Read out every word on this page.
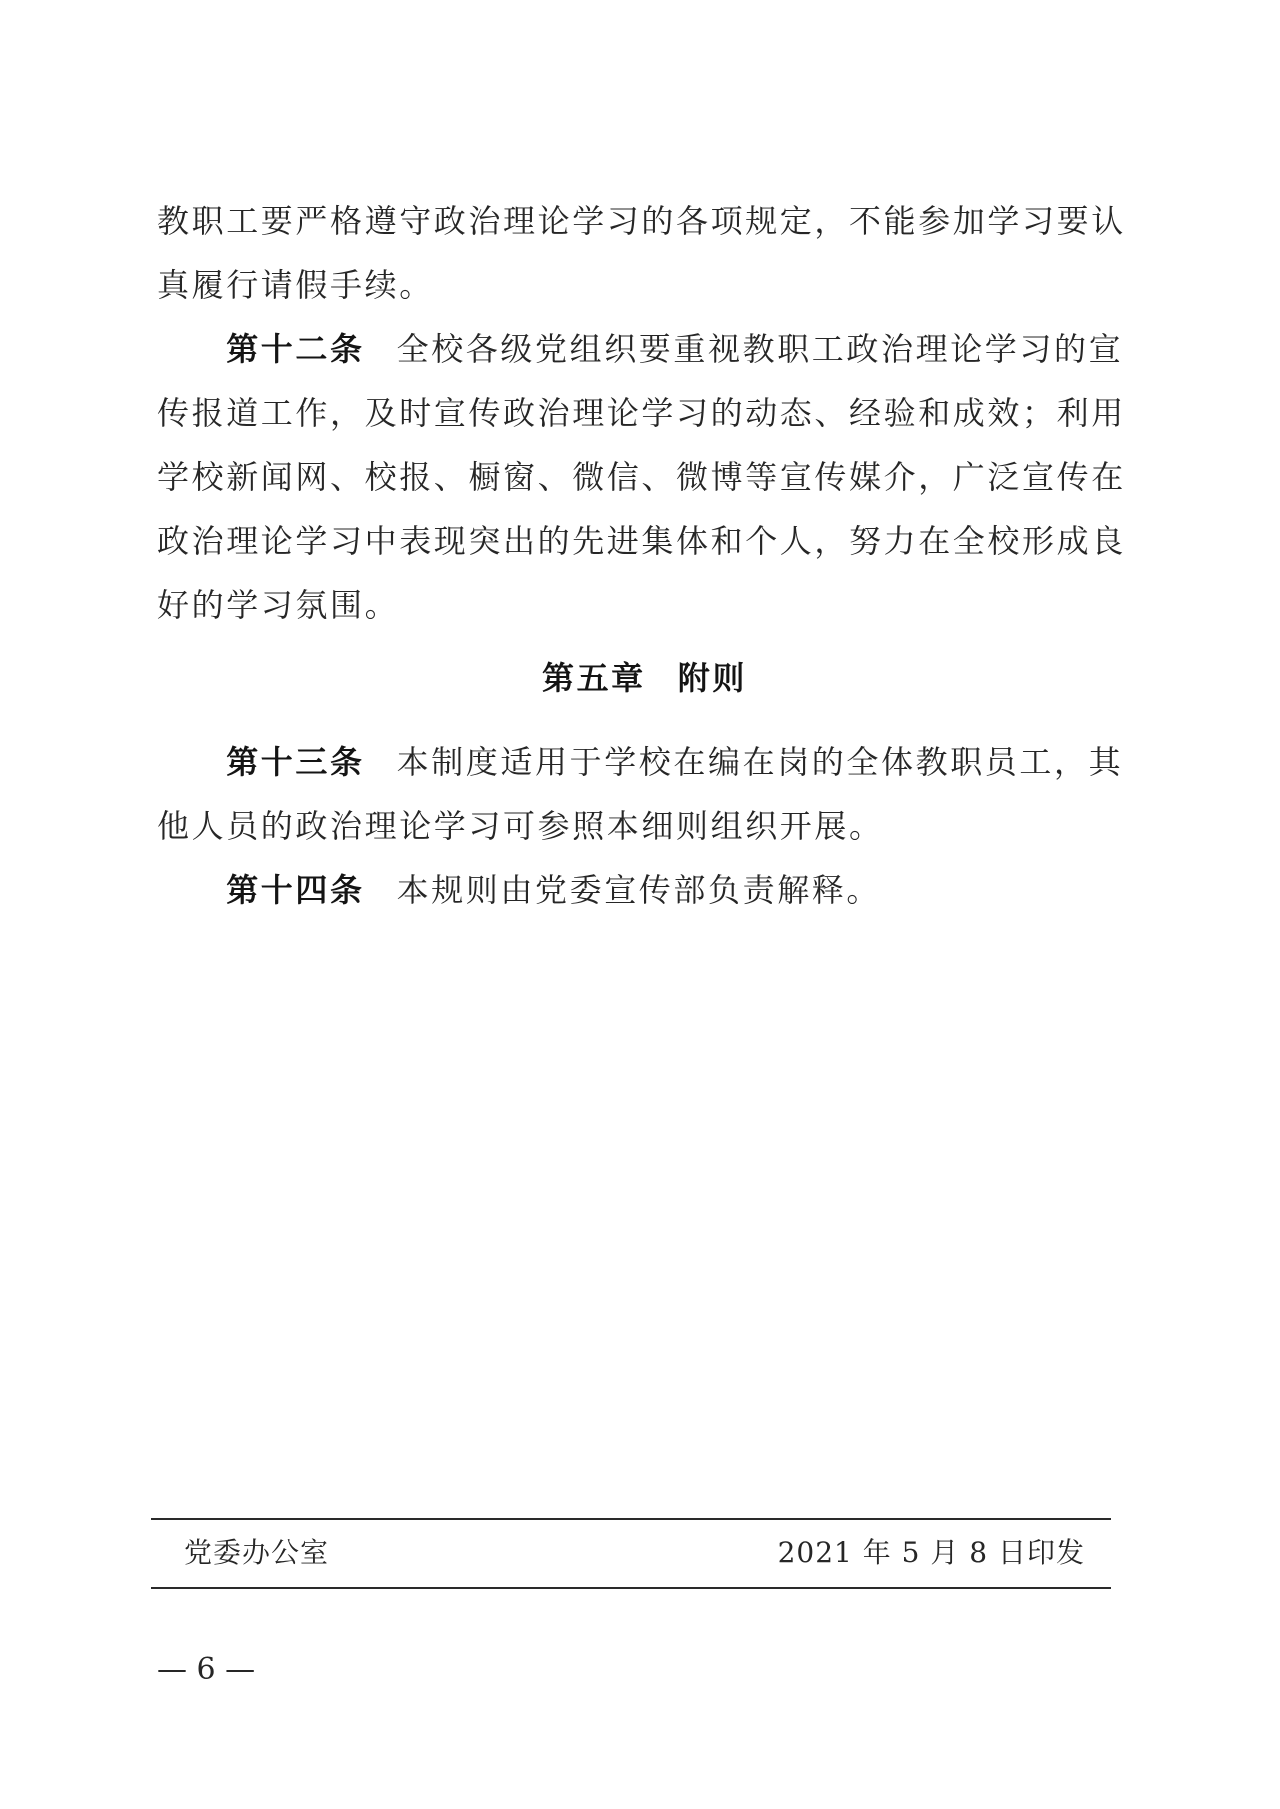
教职工要严格遵守政治理论学习的各项规定，不能参加学习要认真履行请假手续。

第十二条 全校各级党组织要重视教职工政治理论学习的宣传报道工作，及时宣传政治理论学习的动态、经验和成效；利用学校新闻网、校报、橱窗、微信、微博等宣传媒介，广泛宣传在政治理论学习中表现突出的先进集体和个人，努力在全校形成良好的学习氛围。

第五章 附则

第十三条 本制度适用于学校在编在岗的全体教职员工，其他人员的政治理论学习可参照本细则组织开展。

第十四条 本规则由党委宣传部负责解释。

党委办公室	2021 年 5 月 8 日印发
— 6 —
